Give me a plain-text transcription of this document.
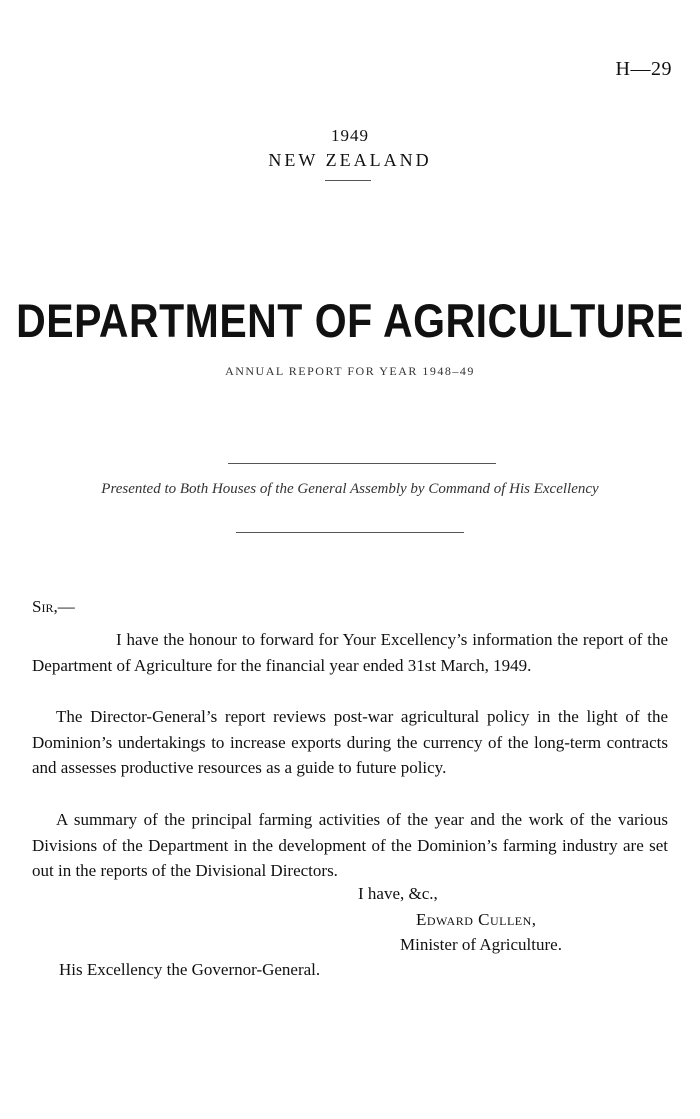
H—29
1949
NEW ZEALAND
DEPARTMENT OF AGRICULTURE
ANNUAL REPORT FOR YEAR 1948–49
Presented to Both Houses of the General Assembly by Command of His Excellency
Sir,—
I have the honour to forward for Your Excellency’s information the report of the Department of Agriculture for the financial year ended 31st March, 1949.
The Director-General’s report reviews post-war agricultural policy in the light of the Dominion’s undertakings to increase exports during the currency of the long-term contracts and assesses productive resources as a guide to future policy.
A summary of the principal farming activities of the year and the work of the various Divisions of the Department in the development of the Dominion’s farming industry are set out in the reports of the Divisional Directors.
I have, &c.,
Edward Cullen,
Minister of Agriculture.
His Excellency the Governor-General.
